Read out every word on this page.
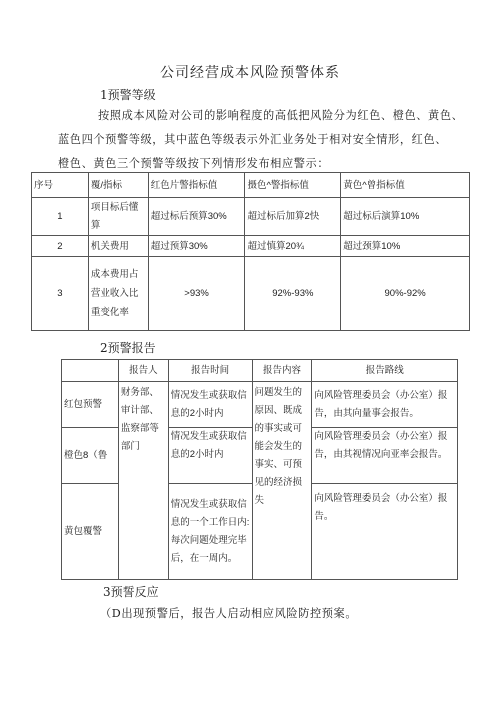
公司经营成本风险预警体系
1预警等级
按照成本风险对公司的影响程度的高低把风险分为红色、橙色、黄色、
蓝色四个预警等级，其中蓝色等级表示外汇业务处于相对安全情形，红色、
橙色、黄色三个预警等级按下列情形发布相应警示：
序号	覆/指标	红色片警指标值	摄色^警指标值	黄色^曾指标值
1	项目标后懂算	超过标后预算30%	超过标后加算2快	超过标后演算10%
2	机关费用	超过预算30%	超过慎算20¾	超过颈算10%
3	成本费用占营业收入比重变化率	>93%	92%-93%	90%-92%
2预警报告
	报告人	报告时间	报告内容	报告路线
红包预警	财务部、审计部、监察部等部门	情况发生或获取信息的2小时内	问题发生的原因、既成的事实或可能会发生的事实、可预见的经济损失	向风险管理委员会（办公室）报告，由其向量事会报告。
橙色8（鲁		情况发生或获取信息的2小时内		向风险管理委员会（办公室）报告，由其视情况向亚率会报告。
黄包覆警		情况发生或获取信息的一个工作日内:每次问题处理完毕后，在一周内。		向风险管理委员会（办公室）报告。
3预誓反应
（D出现预警后，报告人启动相应风险防控预案。
